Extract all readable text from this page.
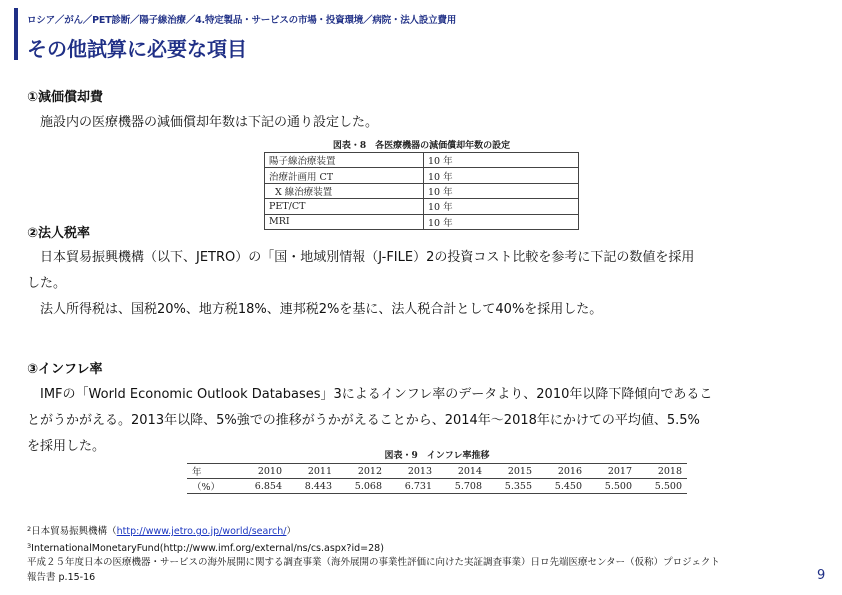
ロシア／がん／PET診断／陽子線治療／4.特定製品・サービスの市場・投資環境／病院・法人設立費用
その他試算に必要な項目
①減価償却費
施設内の医療機器の減価償却年数は下記の通り設定した。
図表・8　各医療機器の減価償却年数の設定
陽子線治療装置	10 年
治療計画用 CT	10 年
X 線治療装置	10 年
PET/CT	10 年
MRI	10 年
②法人税率
日本貿易振興機構（以下、JETRO）の「国・地域別情報（J-FILE）2の投資コスト比較を参考に下記の数値を採用
した。
法人所得税は、国税20%、地方税18%、連邦税2%を基に、法人税合計として40%を採用した。
③インフレ率
IMFの「World Economic Outlook Databases」3によるインフレ率のデータより、2010年以降下降傾向であるこ
とがうかがえる。2013年以降、5%強での推移がうかがえることから、2014年〜2018年にかけての平均値、5.5%
を採用した。
図表・9　インフレ率推移
年	2010	2011	2012	2013	2014	2015	2016	2017	2018
（%）	6.854	8.443	5.068	6.731	5.708	5.355	5.450	5.500	5.500
$^2$日本貿易振興機構（http://www.jetro.go.jp/world/search/）
$^3$InternationalMonetaryFund(http://www.imf.org/external/ns/cs.aspx?id=28)
平成２５年度日本の医療機器・サービスの海外展開に関する調査事業（海外展開の事業性評価に向けた実証調査事業）日ロ先端医療センター（仮称）プロジェクト
報告書 p.15-16	9
